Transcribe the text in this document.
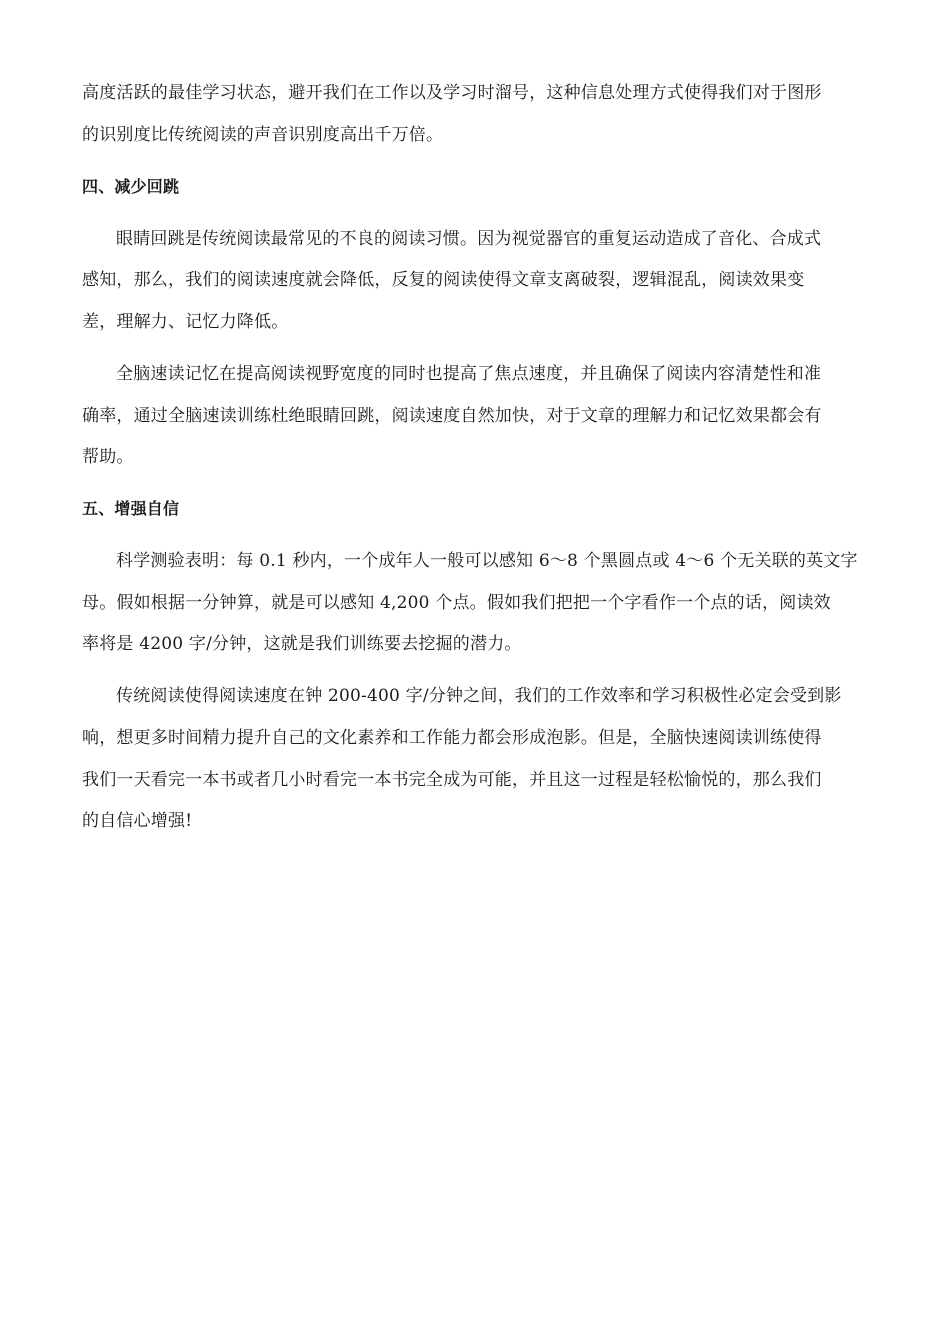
高度活跃的最佳学习状态，避开我们在工作以及学习时溜号，这种信息处理方式使得我们对于图形
的识别度比传统阅读的声音识别度高出千万倍。
四、减少回跳
眼睛回跳是传统阅读最常见的不良的阅读习惯。因为视觉器官的重复运动造成了音化、合成式
感知，那么，我们的阅读速度就会降低，反复的阅读使得文章支离破裂，逻辑混乱，阅读效果变
差，理解力、记忆力降低。
全脑速读记忆在提高阅读视野宽度的同时也提高了焦点速度，并且确保了阅读内容清楚性和准
确率，通过全脑速读训练杜绝眼睛回跳，阅读速度自然加快，对于文章的理解力和记忆效果都会有
帮助。
五、增强自信
科学测验表明：每 0.1 秒内，一个成年人一般可以感知 6～8 个黑圆点或 4～6 个无关联的英文字
母。假如根据一分钟算，就是可以感知 4,200 个点。假如我们把把一个字看作一个点的话，阅读效
率将是 4200 字/分钟，这就是我们训练要去挖掘的潜力。
传统阅读使得阅读速度在钟 200-400 字/分钟之间，我们的工作效率和学习积极性必定会受到影
响，想更多时间精力提升自己的文化素养和工作能力都会形成泡影。但是，全脑快速阅读训练使得
我们一天看完一本书或者几小时看完一本书完全成为可能，并且这一过程是轻松愉悦的，那么我们
的自信心增强!
